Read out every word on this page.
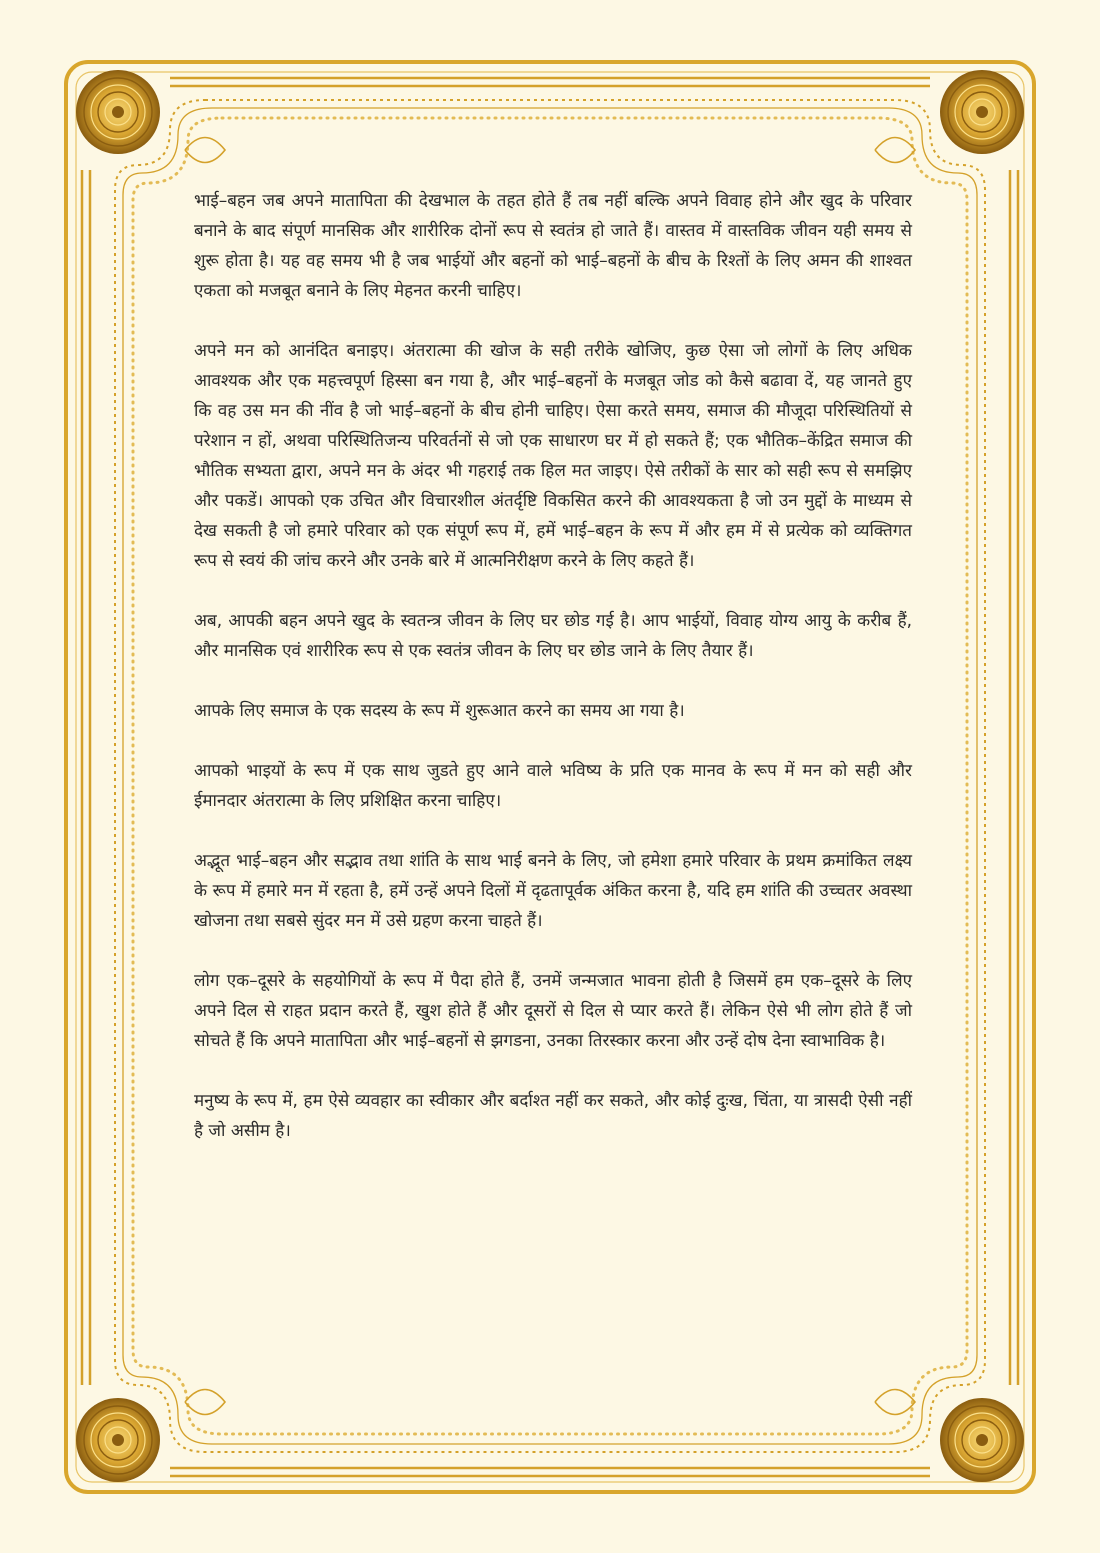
भाई–बहन जब अपने मातापिता की देखभाल के तहत होते हैं तब नहीं बल्कि अपने विवाह होने और खुद के परिवार बनाने के बाद संपूर्ण मानसिक और शारीरिक दोनों रूप से स्वतंत्र हो जाते हैं। वास्तव में वास्तविक जीवन यही समय से शुरू होता है। यह वह समय भी है जब भाईयों और बहनों को भाई–बहनों के बीच के रिश्तों के लिए अमन की शाश्वत एकता को मजबूत बनाने के लिए मेहनत करनी चाहिए।

अपने मन को आनंदित बनाइए। अंतरात्मा की खोज के सही तरीके खोजिए, कुछ ऐसा जो लोगों के लिए अधिक आवश्यक और एक महत्त्वपूर्ण हिस्सा बन गया है, और भाई–बहनों के मजबूत जोड को कैसे बढावा दें, यह जानते हुए कि वह उस मन की नींव है जो भाई–बहनों के बीच होनी चाहिए। ऐसा करते समय, समाज की मौजूदा परिस्थितियों से परेशान न हों, अथवा परिस्थितिजन्य परिवर्तनों से जो एक साधारण घर में हो सकते हैं; एक भौतिक–केंद्रित समाज की भौतिक सभ्यता द्वारा, अपने मन के अंदर भी गहराई तक हिल मत जाइए। ऐसे तरीकों के सार को सही रूप से समझिए और पकडें। आपको एक उचित और विचारशील अंतर्दृष्टि विकसित करने की आवश्यकता है जो उन मुद्दों के माध्यम से देख सकती है जो हमारे परिवार को एक संपूर्ण रूप में, हमें भाई–बहन के रूप में और हम में से प्रत्येक को व्यक्तिगत रूप से स्वयं की जांच करने और उनके बारे में आत्मनिरीक्षण करने के लिए कहते हैं।

अब, आपकी बहन अपने खुद के स्वतन्त्र जीवन के लिए घर छोड गई है। आप भाईयों, विवाह योग्य आयु के करीब हैं, और मानसिक एवं शारीरिक रूप से एक स्वतंत्र जीवन के लिए घर छोड जाने के लिए तैयार हैं।

आपके लिए समाज के एक सदस्य के रूप में शुरूआत करने का समय आ गया है।

आपको भाइयों के रूप में एक साथ जुडते हुए आने वाले भविष्य के प्रति एक मानव के रूप में मन को सही और ईमानदार अंतरात्मा के लिए प्रशिक्षित करना चाहिए।

अद्भूत भाई–बहन और सद्भाव तथा शांति के साथ भाई बनने के लिए, जो हमेशा हमारे परिवार के प्रथम क्रमांकित लक्ष्य के रूप में हमारे मन में रहता है, हमें उन्हें अपने दिलों में दृढतापूर्वक अंकित करना है, यदि हम शांति की उच्चतर अवस्था खोजना तथा सबसे सुंदर मन में उसे ग्रहण करना चाहते हैं।

लोग एक–दूसरे के सहयोगियों के रूप में पैदा होते हैं, उनमें जन्मजात भावना होती है जिसमें हम एक–दूसरे के लिए अपने दिल से राहत प्रदान करते हैं, खुश होते हैं और दूसरों से दिल से प्यार करते हैं। लेकिन ऐसे भी लोग होते हैं जो सोचते हैं कि अपने मातापिता और भाई–बहनों से झगडना, उनका तिरस्कार करना और उन्हें दोष देना स्वाभाविक है।

मनुष्य के रूप में, हम ऐसे व्यवहार का स्वीकार और बर्दाश्त नहीं कर सकते, और कोई दुःख, चिंता, या त्रासदी ऐसी नहीं है जो असीम है।
